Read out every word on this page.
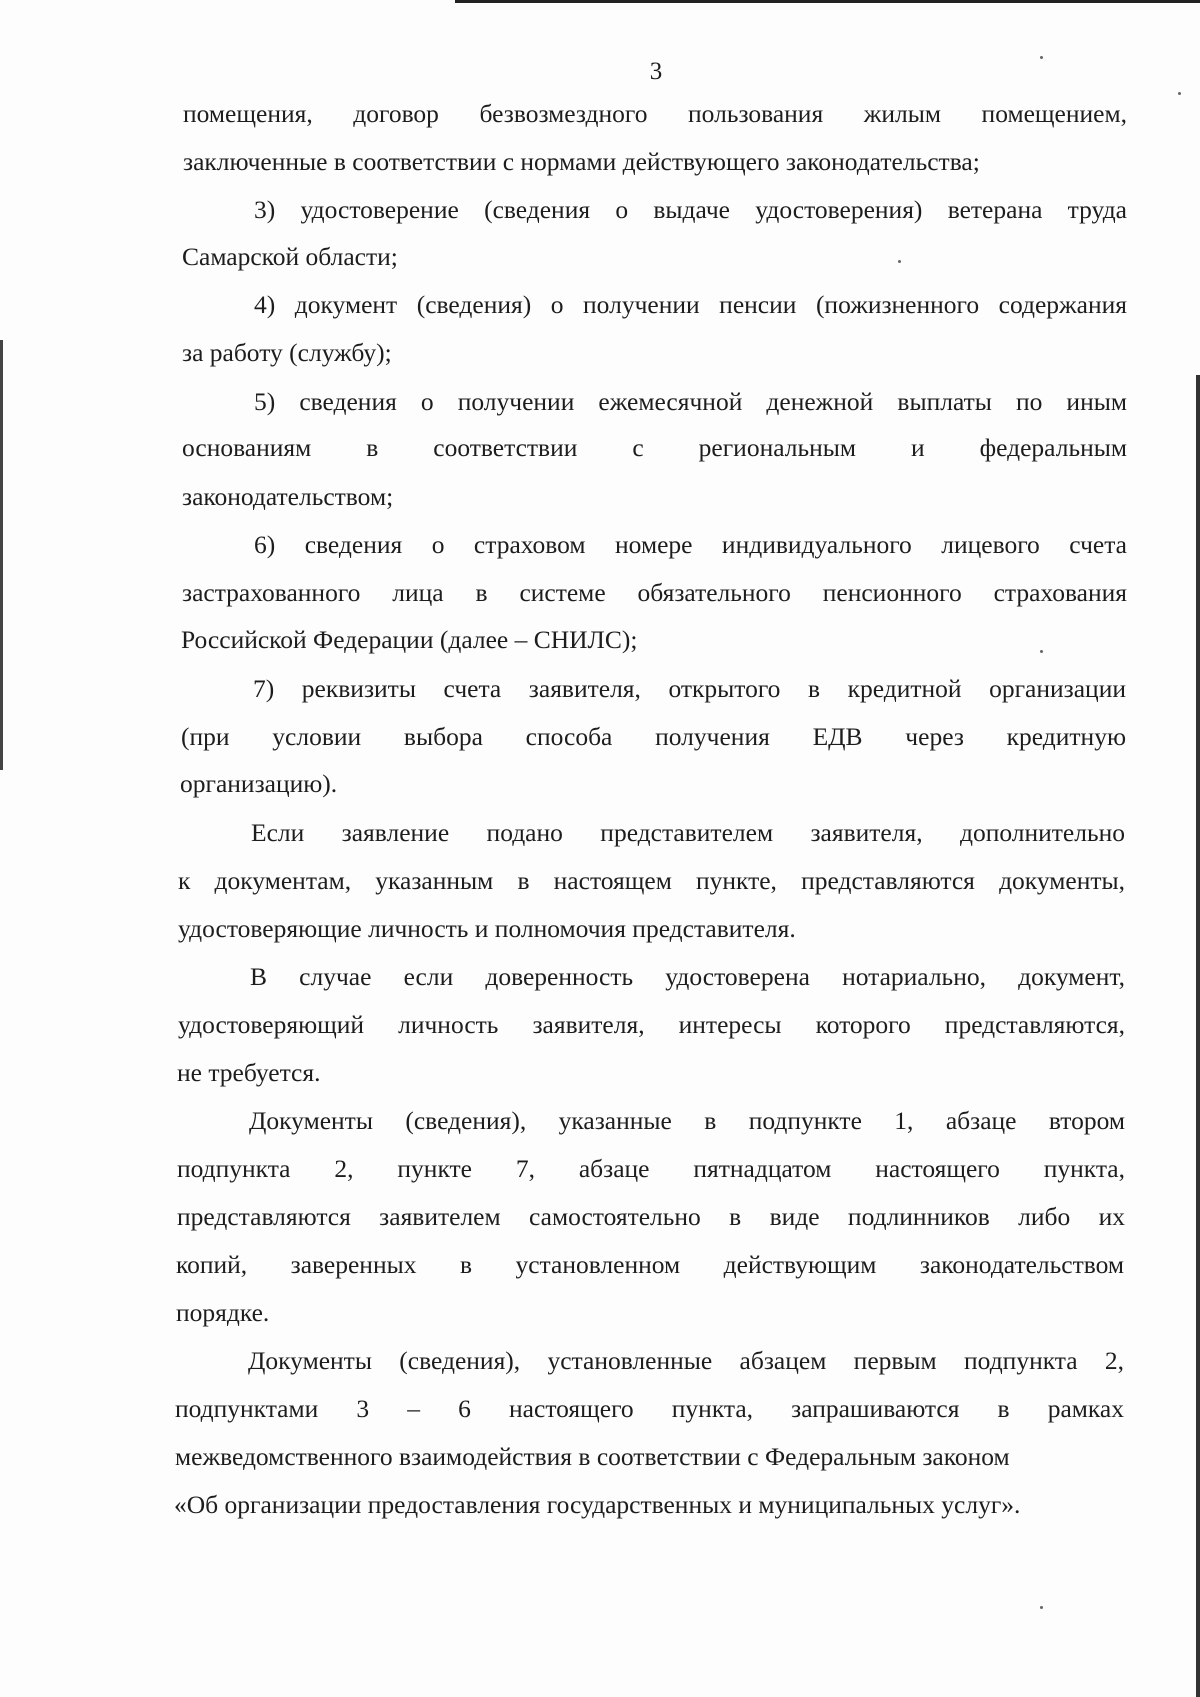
3
помещения, договор безвозмездного пользования жилым помещением,
заключенные в соответствии с нормами действующего законодательства;
3) удостоверение (сведения о выдаче удостоверения) ветерана труда
Самарской области;
4) документ (сведения) о получении пенсии (пожизненного содержания
за работу (службу);
5) сведения о получении ежемесячной денежной выплаты по иным
основаниям в соответствии с региональным и федеральным
законодательством;
6) сведения о страховом номере индивидуального лицевого счета
застрахованного лица в системе обязательного пенсионного страхования
Российской Федерации (далее – СНИЛС);
7) реквизиты счета заявителя, открытого в кредитной организации
(при условии выбора способа получения ЕДВ через кредитную
организацию).
Если заявление подано представителем заявителя, дополнительно
к документам, указанным в настоящем пункте, представляются документы,
удостоверяющие личность и полномочия представителя.
В случае если доверенность удостоверена нотариально, документ,
удостоверяющий личность заявителя, интересы которого представляются,
не требуется.
Документы (сведения), указанные в подпункте 1, абзаце втором
подпункта 2, пункте 7, абзаце пятнадцатом настоящего пункта,
представляются заявителем самостоятельно в виде подлинников либо их
копий, заверенных в установленном действующим законодательством
порядке.
Документы (сведения), установленные абзацем первым подпункта 2,
подпунктами 3 – 6 настоящего пункта, запрашиваются в рамках
межведомственного взаимодействия в соответствии с Федеральным законом
«Об организации предоставления государственных и муниципальных услуг».
